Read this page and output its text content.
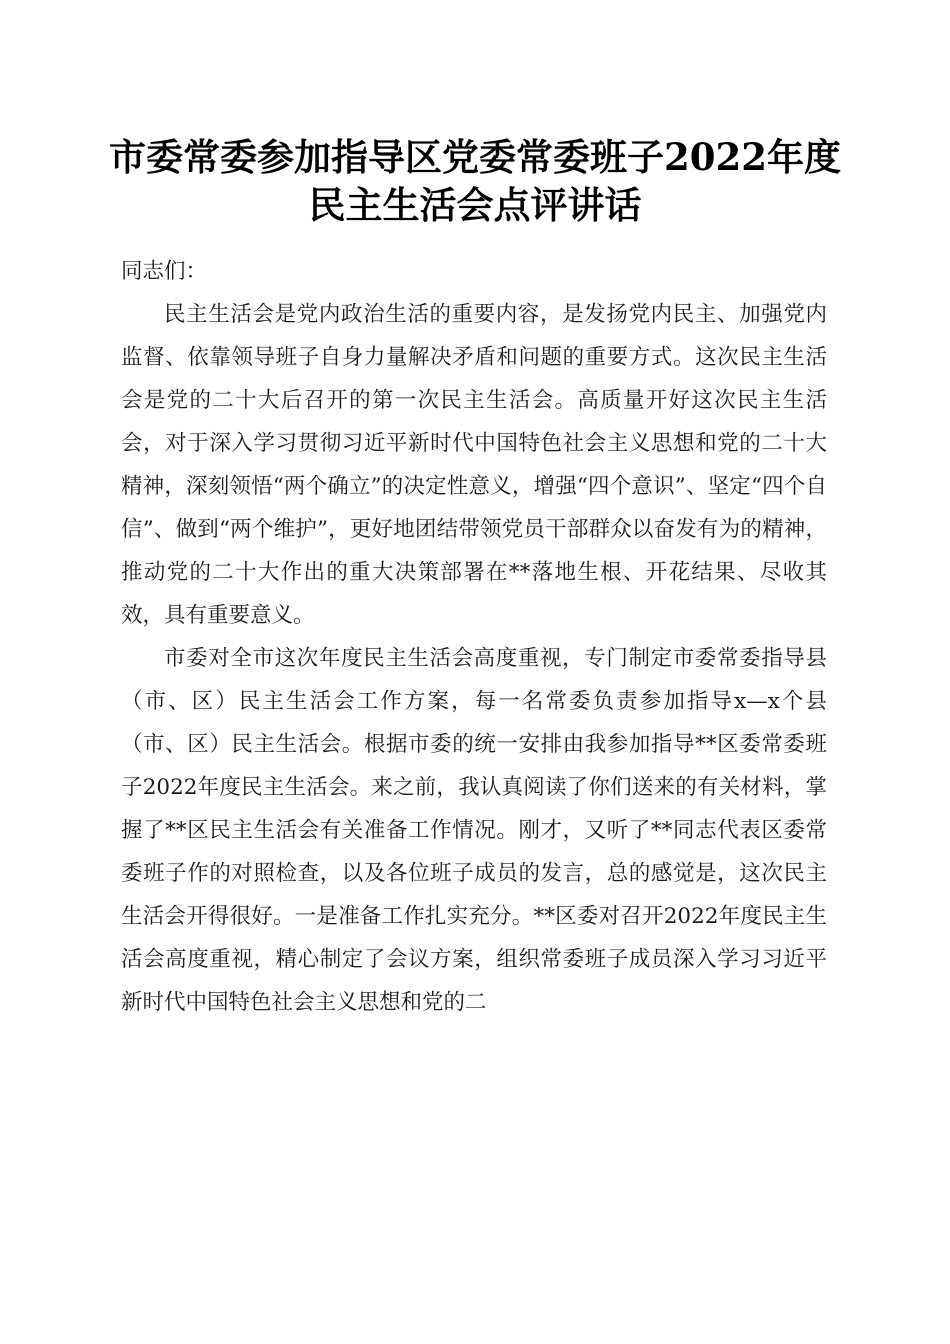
市委常委参加指导区党委常委班子2022年度
民主生活会点评讲话

同志们：

民主生活会是党内政治生活的重要内容，是发扬党内民主、加强党内监督、依靠领导班子自身力量解决矛盾和问题的重要方式。这次民主生活会是党的二十大后召开的第一次民主生活会。高质量开好这次民主生活会，对于深入学习贯彻习近平新时代中国特色社会主义思想和党的二十大精神，深刻领悟“两个确立”的决定性意义，增强“四个意识”、坚定“四个自信”、做到“两个维护”，更好地团结带领党员干部群众以奋发有为的精神，推动党的二十大作出的重大决策部署在**落地生根、开花结果、尽收其效，具有重要意义。

市委对全市这次年度民主生活会高度重视，专门制定市委常委指导县（市、区）民主生活会工作方案，每一名常委负责参加指导x—x个县（市、区）民主生活会。根据市委的统一安排由我参加指导**区委常委班子2022年度民主生活会。来之前，我认真阅读了你们送来的有关材料，掌握了**区民主生活会有关准备工作情况。刚才，又听了**同志代表区委常委班子作的对照检查，以及各位班子成员的发言，总的感觉是，这次民主生活会开得很好。一是准备工作扎实充分。**区委对召开2022年度民主生活会高度重视，精心制定了会议方案，组织常委班子成员深入学习习近平新时代中国特色社会主义思想和党的二
